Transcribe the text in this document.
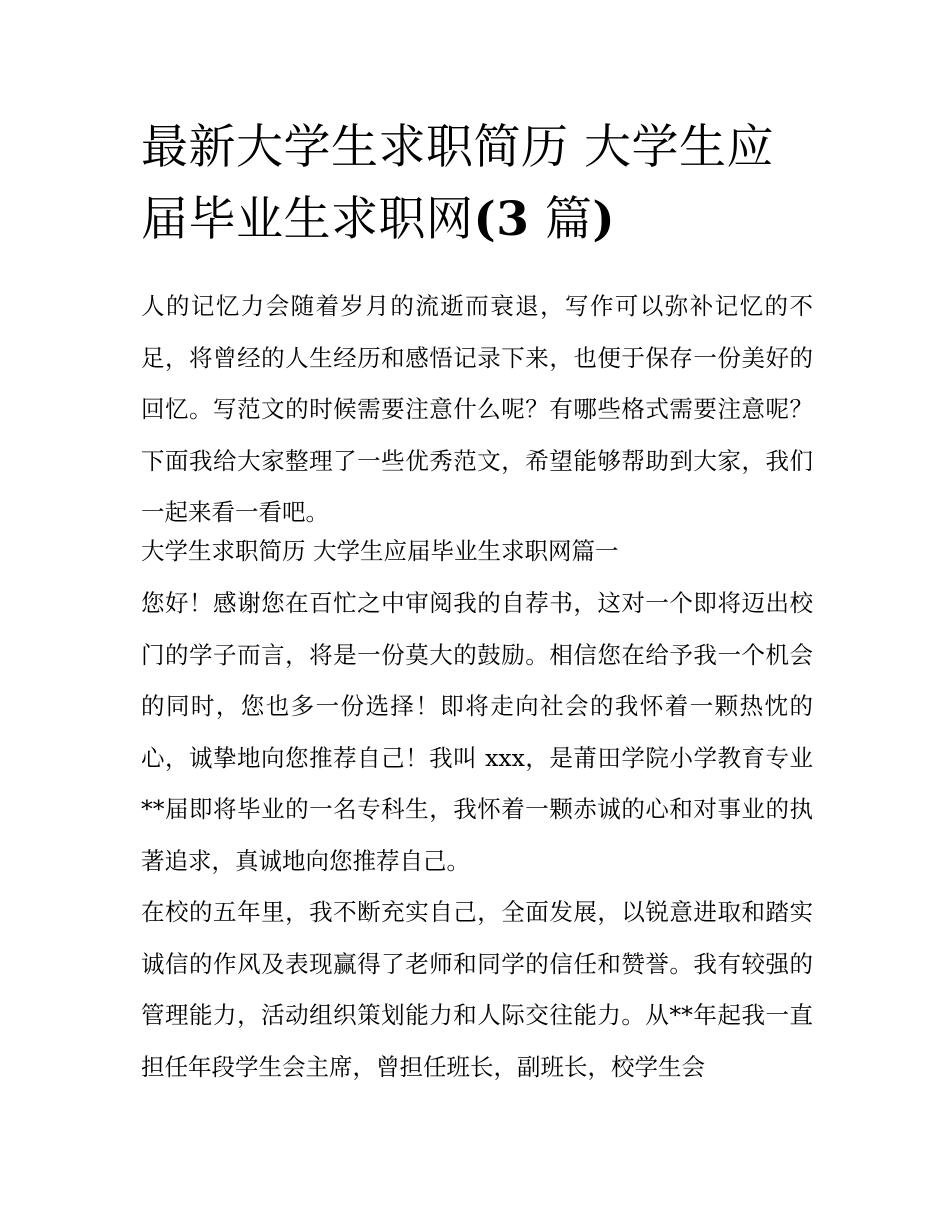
最新大学生求职简历 大学生应
届毕业生求职网(3 篇)

人的记忆力会随着岁月的流逝而衰退，写作可以弥补记忆的不足，将曾经的人生经历和感悟记录下来，也便于保存一份美好的回忆。写范文的时候需要注意什么呢？有哪些格式需要注意呢？下面我给大家整理了一些优秀范文，希望能够帮助到大家，我们一起来看一看吧。

大学生求职简历 大学生应届毕业生求职网篇一

您好！感谢您在百忙之中审阅我的自荐书，这对一个即将迈出校门的学子而言，将是一份莫大的鼓励。相信您在给予我一个机会的同时，您也多一份选择！即将走向社会的我怀着一颗热忱的心，诚挚地向您推荐自己！我叫 xxx，是莆田学院小学教育专业**届即将毕业的一名专科生，我怀着一颗赤诚的心和对事业的执著追求，真诚地向您推荐自己。

在校的五年里，我不断充实自己，全面发展，以锐意进取和踏实诚信的作风及表现赢得了老师和同学的信任和赞誉。我有较强的管理能力，活动组织策划能力和人际交往能力。从**年起我一直担任年段学生会主席，曾担任班长，副班长，校学生会
